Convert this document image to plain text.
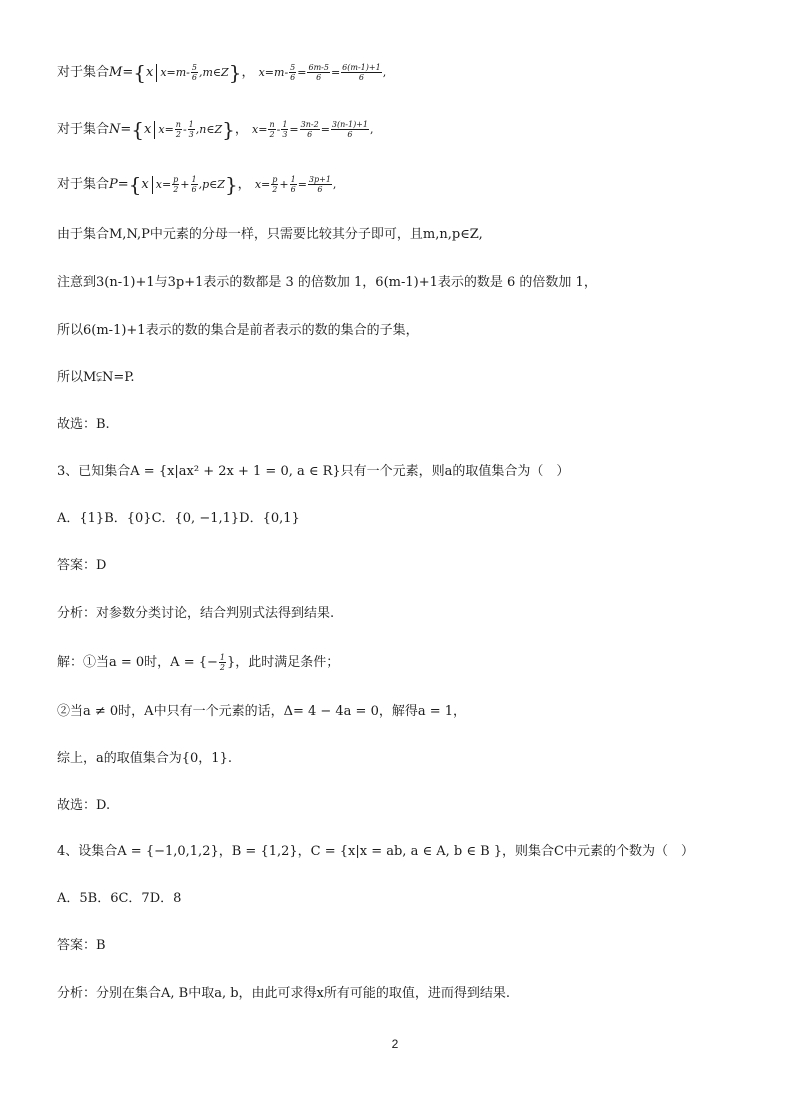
对于集合M={x $x=m- \frac{5}{6}$ ,m∈Z}， $x=m- \frac{5}{6} = \frac{6m-5}{6} = \frac{6(m-1)+1}{6}$ ,
对于集合N={x $x= \frac{n}{2} - \frac{1}{3}$ ,n∈Z}， $x= \frac{n}{2} - \frac{1}{3} = \frac{3n-2}{6} = \frac{3(n-1)+1}{6}$ ,
对于集合P={x $x= \frac{p}{2} + \frac{1}{6}$ ,p∈Z}， $x= \frac{p}{2} + \frac{1}{6} = \frac{3p+1}{6}$ ,
由于集合M,N,P中元素的分母一样，只需要比较其分子即可，且m,n,p∈Z,
注意到3(n-1)+1与3p+1表示的数都是 3 的倍数加 1，6(m-1)+1表示的数是 6 的倍数加 1，
所以6(m-1)+1表示的数的集合是前者表示的数的集合的子集，
所以M⫋N=P.
故选：B.
3、已知集合A = {x|ax² + 2x + 1 = 0, a ∈ R}只有一个元素，则a的取值集合为（　）
A．{1}B．{0}C．{0, −1,1}D．{0,1}
答案：D
分析：对参数分类讨论，结合判别式法得到结果.
解：①当a = 0时，A = {− $\frac{1}{2}$ }，此时满足条件；
②当a ≠ 0时，A中只有一个元素的话，Δ= 4 − 4a = 0，解得a = 1，
综上，a的取值集合为{0，1}.
故选：D.
4、设集合A = {−1,0,1,2}，B = {1,2}，C = {x|x = ab, a ∈ A, b ∈ B }，则集合C中元素的个数为（　）
A．5B．6C．7D．8
答案：B
分析：分别在集合A, B中取a, b，由此可求得x所有可能的取值，进而得到结果.
2
